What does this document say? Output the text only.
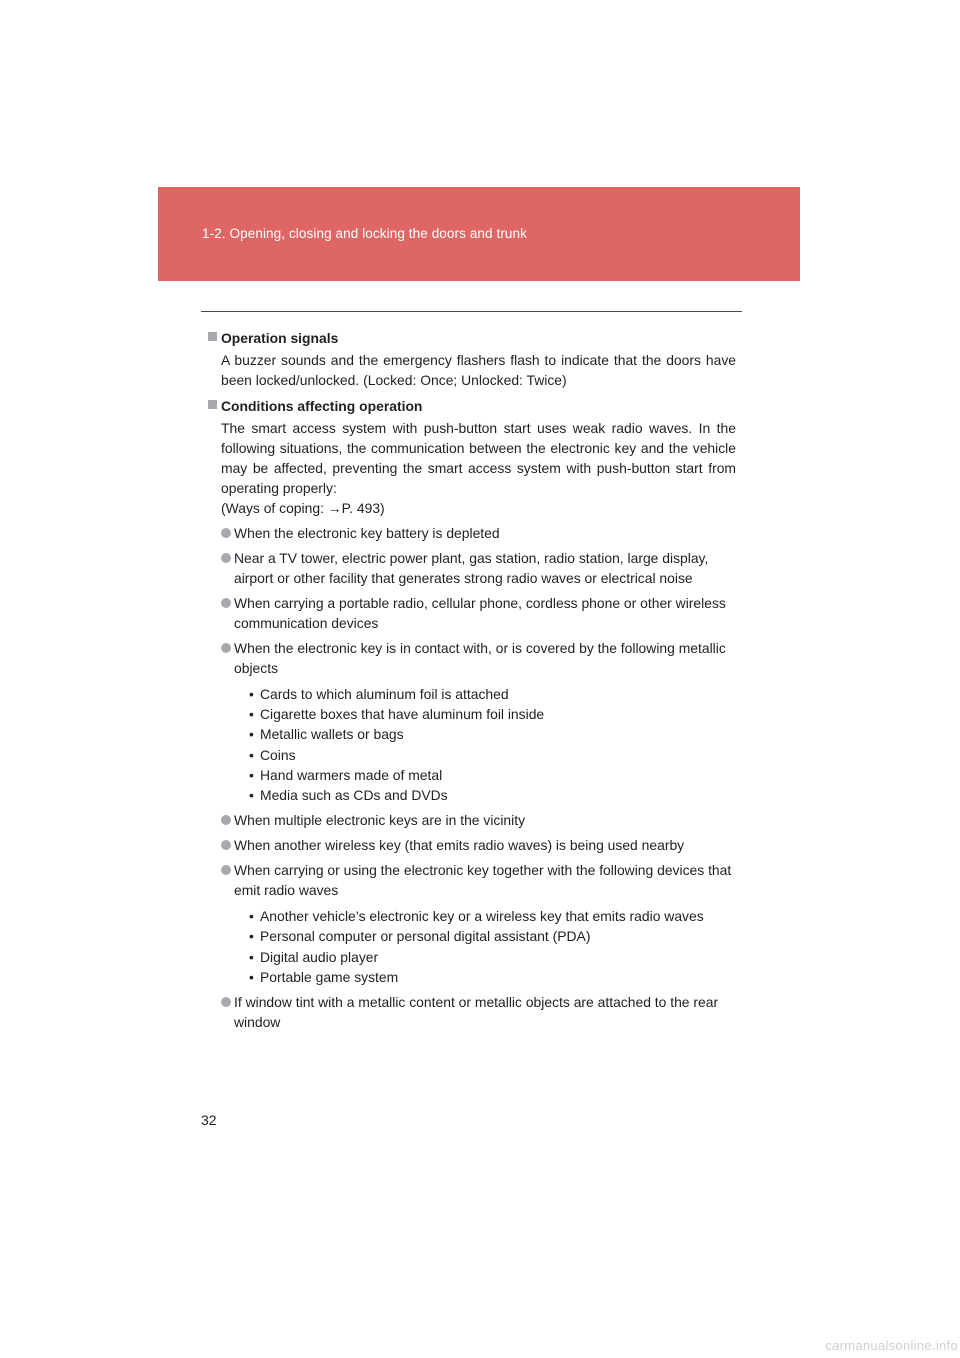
1-2. Opening, closing and locking the doors and trunk
Operation signals
A buzzer sounds and the emergency flashers flash to indicate that the doors have been locked/unlocked. (Locked: Once; Unlocked: Twice)
Conditions affecting operation
The smart access system with push-button start uses weak radio waves. In the following situations, the communication between the electronic key and the vehicle may be affected, preventing the smart access system with push-button start from operating properly:
(Ways of coping: →P. 493)
When the electronic key battery is depleted
Near a TV tower, electric power plant, gas station, radio station, large display, airport or other facility that generates strong radio waves or electrical noise
When carrying a portable radio, cellular phone, cordless phone or other wireless communication devices
When the electronic key is in contact with, or is covered by the following metallic objects
• Cards to which aluminum foil is attached
• Cigarette boxes that have aluminum foil inside
• Metallic wallets or bags
• Coins
• Hand warmers made of metal
• Media such as CDs and DVDs
When multiple electronic keys are in the vicinity
When another wireless key (that emits radio waves) is being used nearby
When carrying or using the electronic key together with the following devices that emit radio waves
• Another vehicle’s electronic key or a wireless key that emits radio waves
• Personal computer or personal digital assistant (PDA)
• Digital audio player
• Portable game system
If window tint with a metallic content or metallic objects are attached to the rear window
32
carmanualsonline.info
